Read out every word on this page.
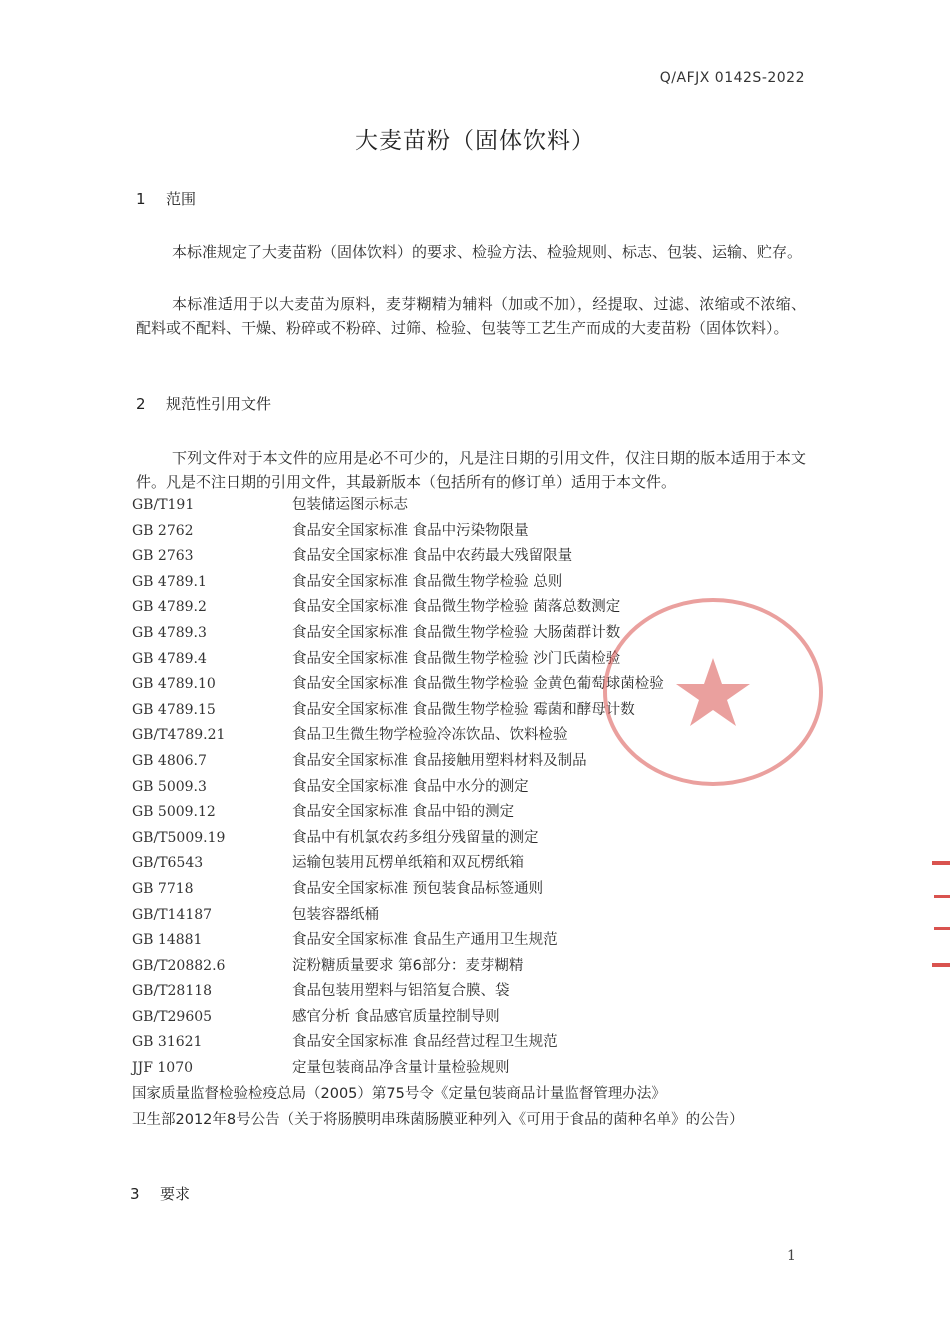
Q/AFJX 0142S-2022
大麦苗粉（固体饮料）
1 范围
本标准规定了大麦苗粉（固体饮料）的要求、检验方法、检验规则、标志、包装、运输、贮存。
本标准适用于以大麦苗为原料，麦芽糊精为辅料（加或不加），经提取、过滤、浓缩或不浓缩、配料或不配料、干燥、粉碎或不粉碎、过筛、检验、包装等工艺生产而成的大麦苗粉（固体饮料）。
2 规范性引用文件
下列文件对于本文件的应用是必不可少的，凡是注日期的引用文件，仅注日期的版本适用于本文件。凡是不注日期的引用文件，其最新版本（包括所有的修订单）适用于本文件。
GB/T191	包装储运图示标志
GB 2762	食品安全国家标准 食品中污染物限量
GB 2763	食品安全国家标准 食品中农药最大残留限量
GB 4789.1	食品安全国家标准 食品微生物学检验 总则
GB 4789.2	食品安全国家标准 食品微生物学检验 菌落总数测定
GB 4789.3	食品安全国家标准 食品微生物学检验 大肠菌群计数
GB 4789.4	食品安全国家标准 食品微生物学检验 沙门氏菌检验
GB 4789.10	食品安全国家标准 食品微生物学检验 金黄色葡萄球菌检验
GB 4789.15	食品安全国家标准 食品微生物学检验 霉菌和酵母计数
GB/T4789.21	食品卫生微生物学检验冷冻饮品、饮料检验
GB 4806.7	食品安全国家标准 食品接触用塑料材料及制品
GB 5009.3	食品安全国家标准 食品中水分的测定
GB 5009.12	食品安全国家标准 食品中铅的测定
GB/T5009.19	食品中有机氯农药多组分残留量的测定
GB/T6543	运输包装用瓦楞单纸箱和双瓦楞纸箱
GB 7718	食品安全国家标准 预包装食品标签通则
GB/T14187	包装容器纸桶
GB 14881	食品安全国家标准 食品生产通用卫生规范
GB/T20882.6	淀粉糖质量要求 第6部分：麦芽糊精
GB/T28118	食品包装用塑料与铝箔复合膜、袋
GB/T29605	感官分析 食品感官质量控制导则
GB 31621	食品安全国家标准 食品经营过程卫生规范
JJF 1070	定量包装商品净含量计量检验规则
国家质量监督检验检疫总局（2005）第75号令《定量包装商品计量监督管理办法》
卫生部2012年8号公告（关于将肠膜明串珠菌肠膜亚种列入《可用于食品的菌种名单》的公告）
3 要求
1
